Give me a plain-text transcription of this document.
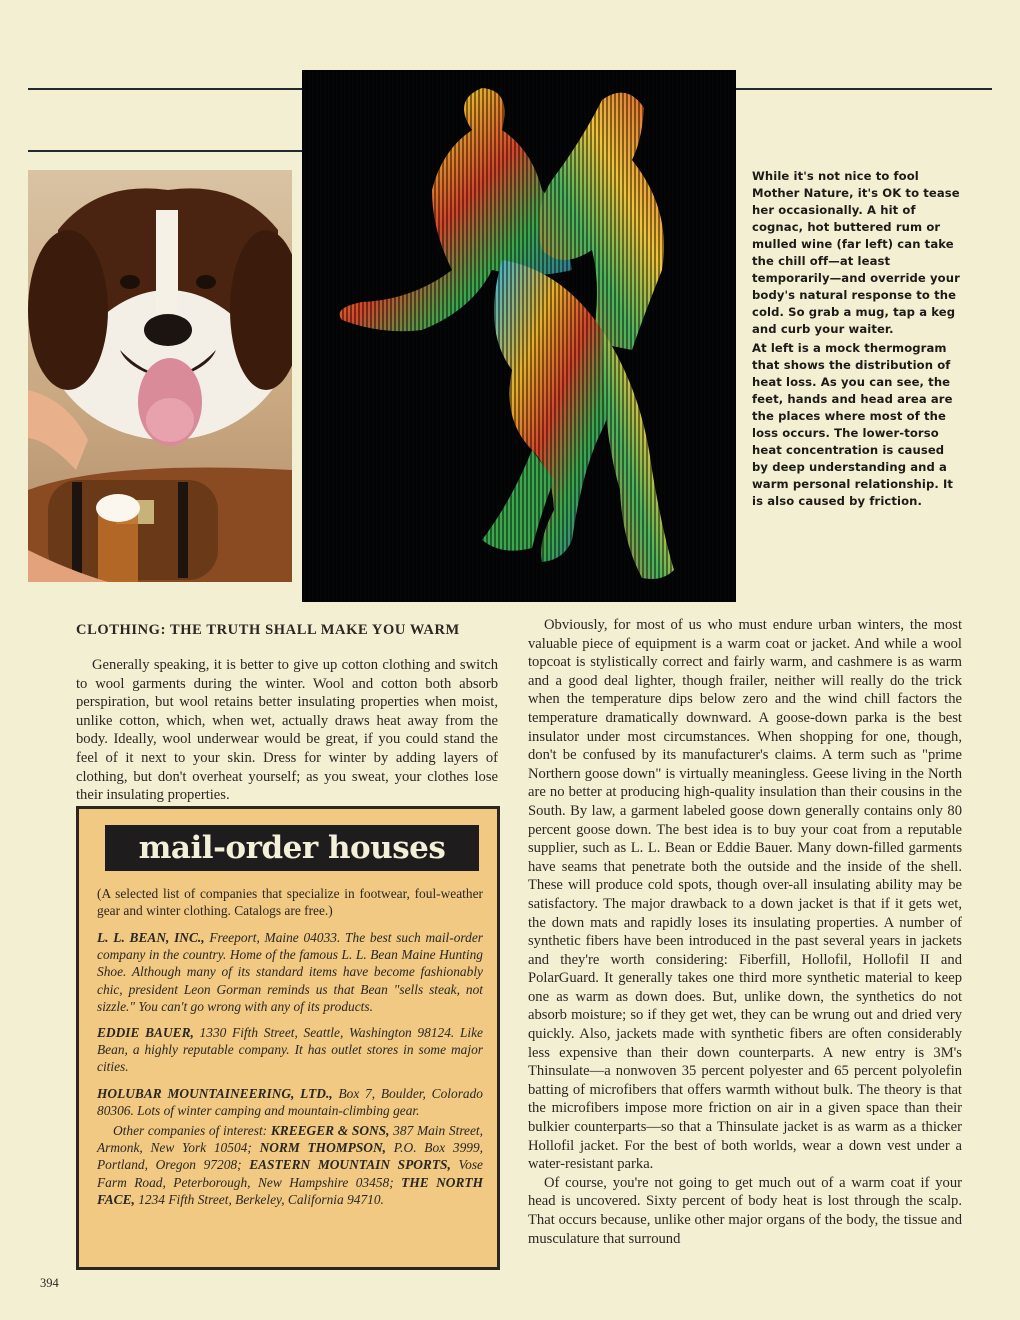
While it's not nice to fool Mother Nature, it's OK to tease her occasionally. A hit of cognac, hot buttered rum or mulled wine (far left) can take the chill off—at least temporarily—and override your body's natural response to the cold. So grab a mug, tap a keg and curb your waiter.
At left is a mock thermogram that shows the distribution of heat loss. As you can see, the feet, hands and head area are the places where most of the loss occurs. The lower-torso heat concentration is caused by deep understanding and a warm personal relationship. It is also caused by friction.
CLOTHING: THE TRUTH SHALL MAKE YOU WARM
Generally speaking, it is better to give up cotton clothing and switch to wool garments during the winter. Wool and cotton both absorb perspiration, but wool retains better insulating properties when moist, unlike cotton, which, when wet, actually draws heat away from the body. Ideally, wool underwear would be great, if you could stand the feel of it next to your skin. Dress for winter by adding layers of clothing, but don't overheat yourself; as you sweat, your clothes lose their insulating properties.
mail-order houses

(A selected list of companies that specialize in footwear, foul-weather gear and winter clothing. Catalogs are free.)

L. L. BEAN, INC., Freeport, Maine 04033. The best such mail-order company in the country. Home of the famous L. L. Bean Maine Hunting Shoe. Although many of its standard items have become fashionably chic, president Leon Gorman reminds us that Bean "sells steak, not sizzle." You can't go wrong with any of its products.

EDDIE BAUER, 1330 Fifth Street, Seattle, Washington 98124. Like Bean, a highly reputable company. It has outlet stores in some major cities.

HOLUBAR MOUNTAINEERING, LTD., Box 7, Boulder, Colorado 80306. Lots of winter camping and mountain-climbing gear.

Other companies of interest: KREEGER & SONS, 387 Main Street, Armonk, New York 10504; NORM THOMPSON, P.O. Box 3999, Portland, Oregon 97208; EASTERN MOUNTAIN SPORTS, Vose Farm Road, Peterborough, New Hampshire 03458; THE NORTH FACE, 1234 Fifth Street, Berkeley, California 94710.

Obviously, for most of us who must endure urban winters, the most valuable piece of equipment is a warm coat or jacket. And while a wool topcoat is stylistically correct and fairly warm, and cashmere is as warm and a good deal lighter, though frailer, neither will really do the trick when the temperature dips below zero and the wind chill factors the temperature dramatically downward. A goose-down parka is the best insulator under most circumstances. When shopping for one, though, don't be confused by its manufacturer's claims. A term such as "prime Northern goose down" is virtually meaningless. Geese living in the North are no better at producing high-quality insulation than their cousins in the South. By law, a garment labeled goose down generally contains only 80 percent goose down. The best idea is to buy your coat from a reputable supplier, such as L. L. Bean or Eddie Bauer. Many down-filled garments have seams that penetrate both the outside and the inside of the shell. These will produce cold spots, though over-all insulating ability may be satisfactory. The major drawback to a down jacket is that if it gets wet, the down mats and rapidly loses its insulating properties. A number of synthetic fibers have been introduced in the past several years in jackets and they're worth considering: Fiberfill, Hollofil, Hollofil II and PolarGuard. It generally takes one third more synthetic material to keep one as warm as down does. But, unlike down, the synthetics do not absorb moisture; so if they get wet, they can be wrung out and dried very quickly. Also, jackets made with synthetic fibers are often considerably less expensive than their down counterparts. A new entry is 3M's Thinsulate—a nonwoven 35 percent polyester and 65 percent polyolefin batting of microfibers that offers warmth without bulk. The theory is that the microfibers impose more friction on air in a given space than their bulkier counterparts—so that a Thinsulate jacket is as warm as a thicker Hollofil jacket. For the best of both worlds, wear a down vest under a water-resistant parka.

Of course, you're not going to get much out of a warm coat if your head is uncovered. Sixty percent of body heat is lost through the scalp. That occurs because, unlike other major organs of the body, the tissue and musculature that surround

394
